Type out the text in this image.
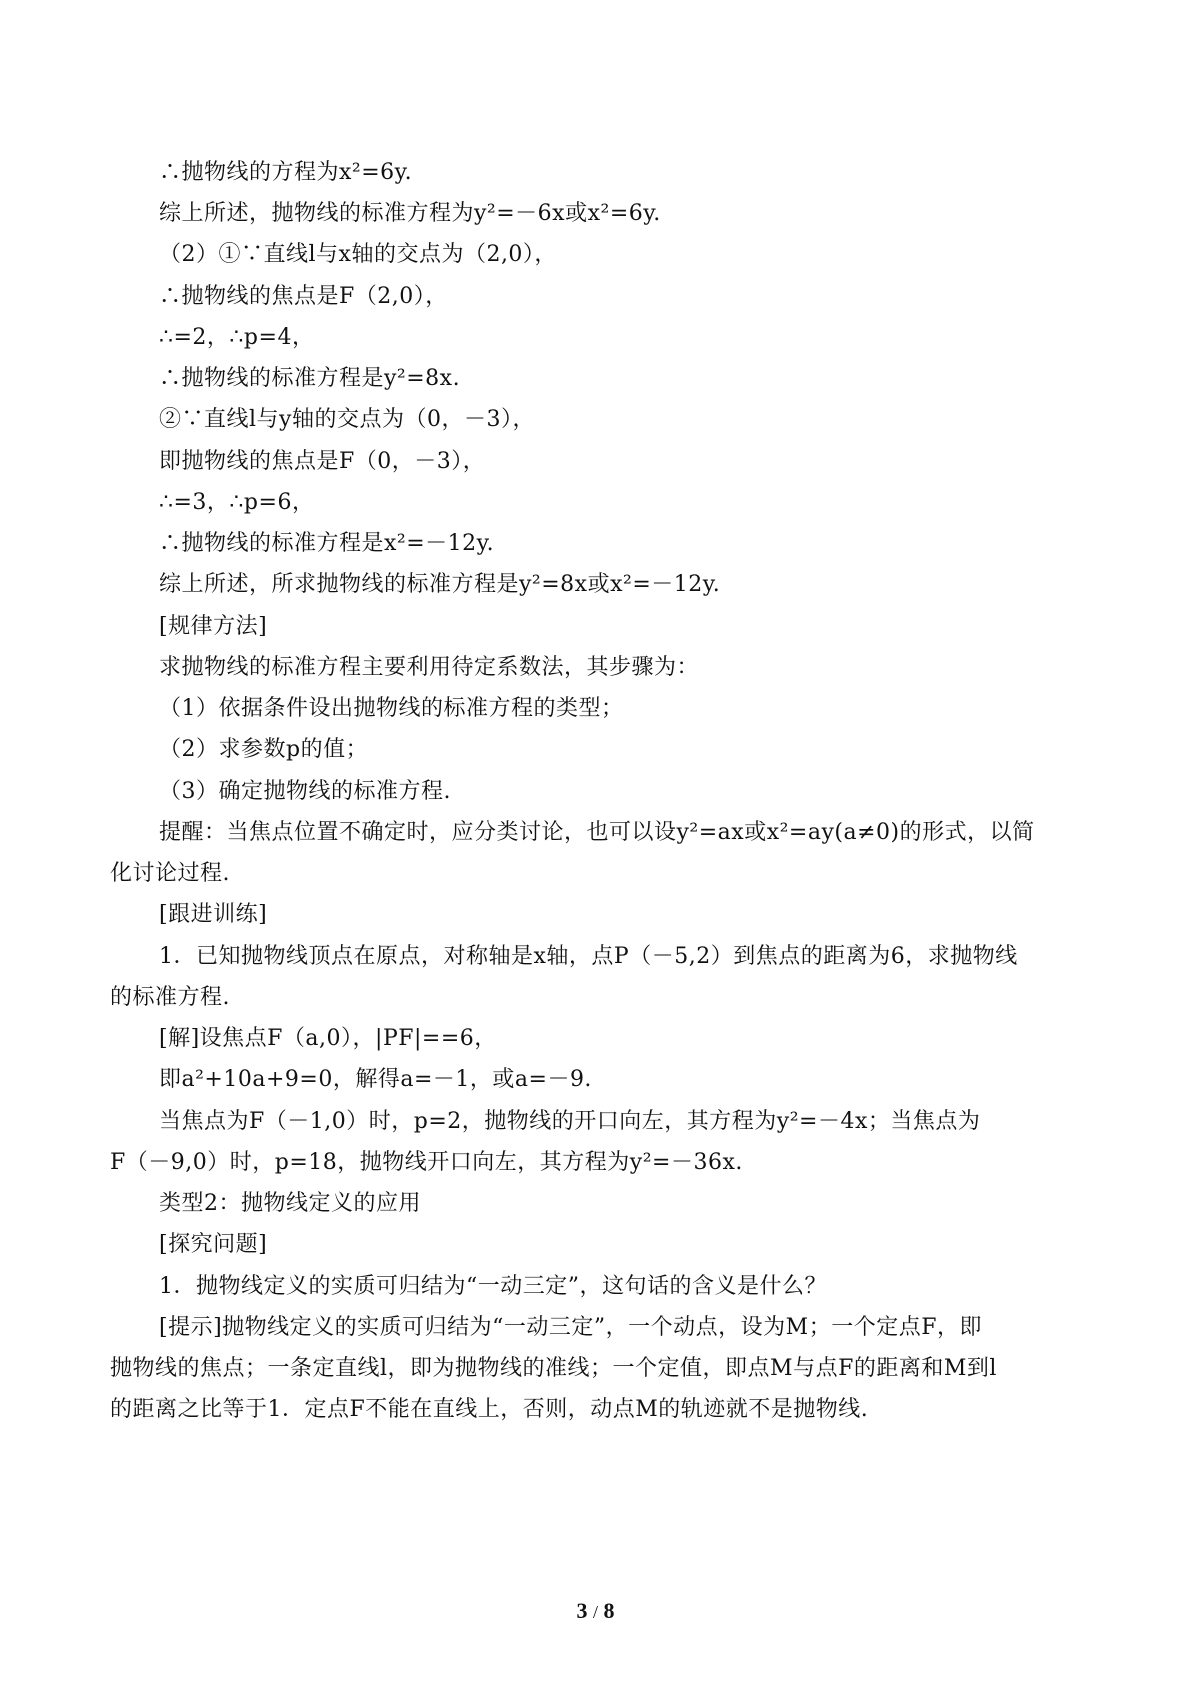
∴抛物线的方程为x²=6y.
综上所述，抛物线的标准方程为y²=－6x或x²=6y.
（2）①∵直线l与x轴的交点为（2,0），
∴抛物线的焦点是F（2,0），
∴=2，∴p=4，
∴抛物线的标准方程是y²=8x.
②∵直线l与y轴的交点为（0，－3），
即抛物线的焦点是F（0，－3），
∴=3，∴p=6，
∴抛物线的标准方程是x²=－12y.
综上所述，所求抛物线的标准方程是y²=8x或x²=－12y.
[规律方法]
求抛物线的标准方程主要利用待定系数法，其步骤为：
（1）依据条件设出抛物线的标准方程的类型；
（2）求参数p的值；
（3）确定抛物线的标准方程.
提醒：当焦点位置不确定时，应分类讨论，也可以设y²=ax或x²=ay(a≠0)的形式，以简
化讨论过程.
[跟进训练]
1．已知抛物线顶点在原点，对称轴是x轴，点P（－5,2）到焦点的距离为6，求抛物线
的标准方程.
[解]设焦点F（a,0），|PF|==6，
即a²+10a+9=0，解得a=－1，或a=－9.
当焦点为F（－1,0）时，p=2，抛物线的开口向左，其方程为y²=－4x；当焦点为
F（－9,0）时，p=18，抛物线开口向左，其方程为y²=－36x.
类型2：抛物线定义的应用
[探究问题]
1．抛物线定义的实质可归结为“一动三定”，这句话的含义是什么？
[提示]抛物线定义的实质可归结为“一动三定”，一个动点，设为M；一个定点F，即
抛物线的焦点；一条定直线l，即为抛物线的准线；一个定值，即点M与点F的距离和M到l
的距离之比等于1．定点F不能在直线上，否则，动点M的轨迹就不是抛物线.
3 / 8
